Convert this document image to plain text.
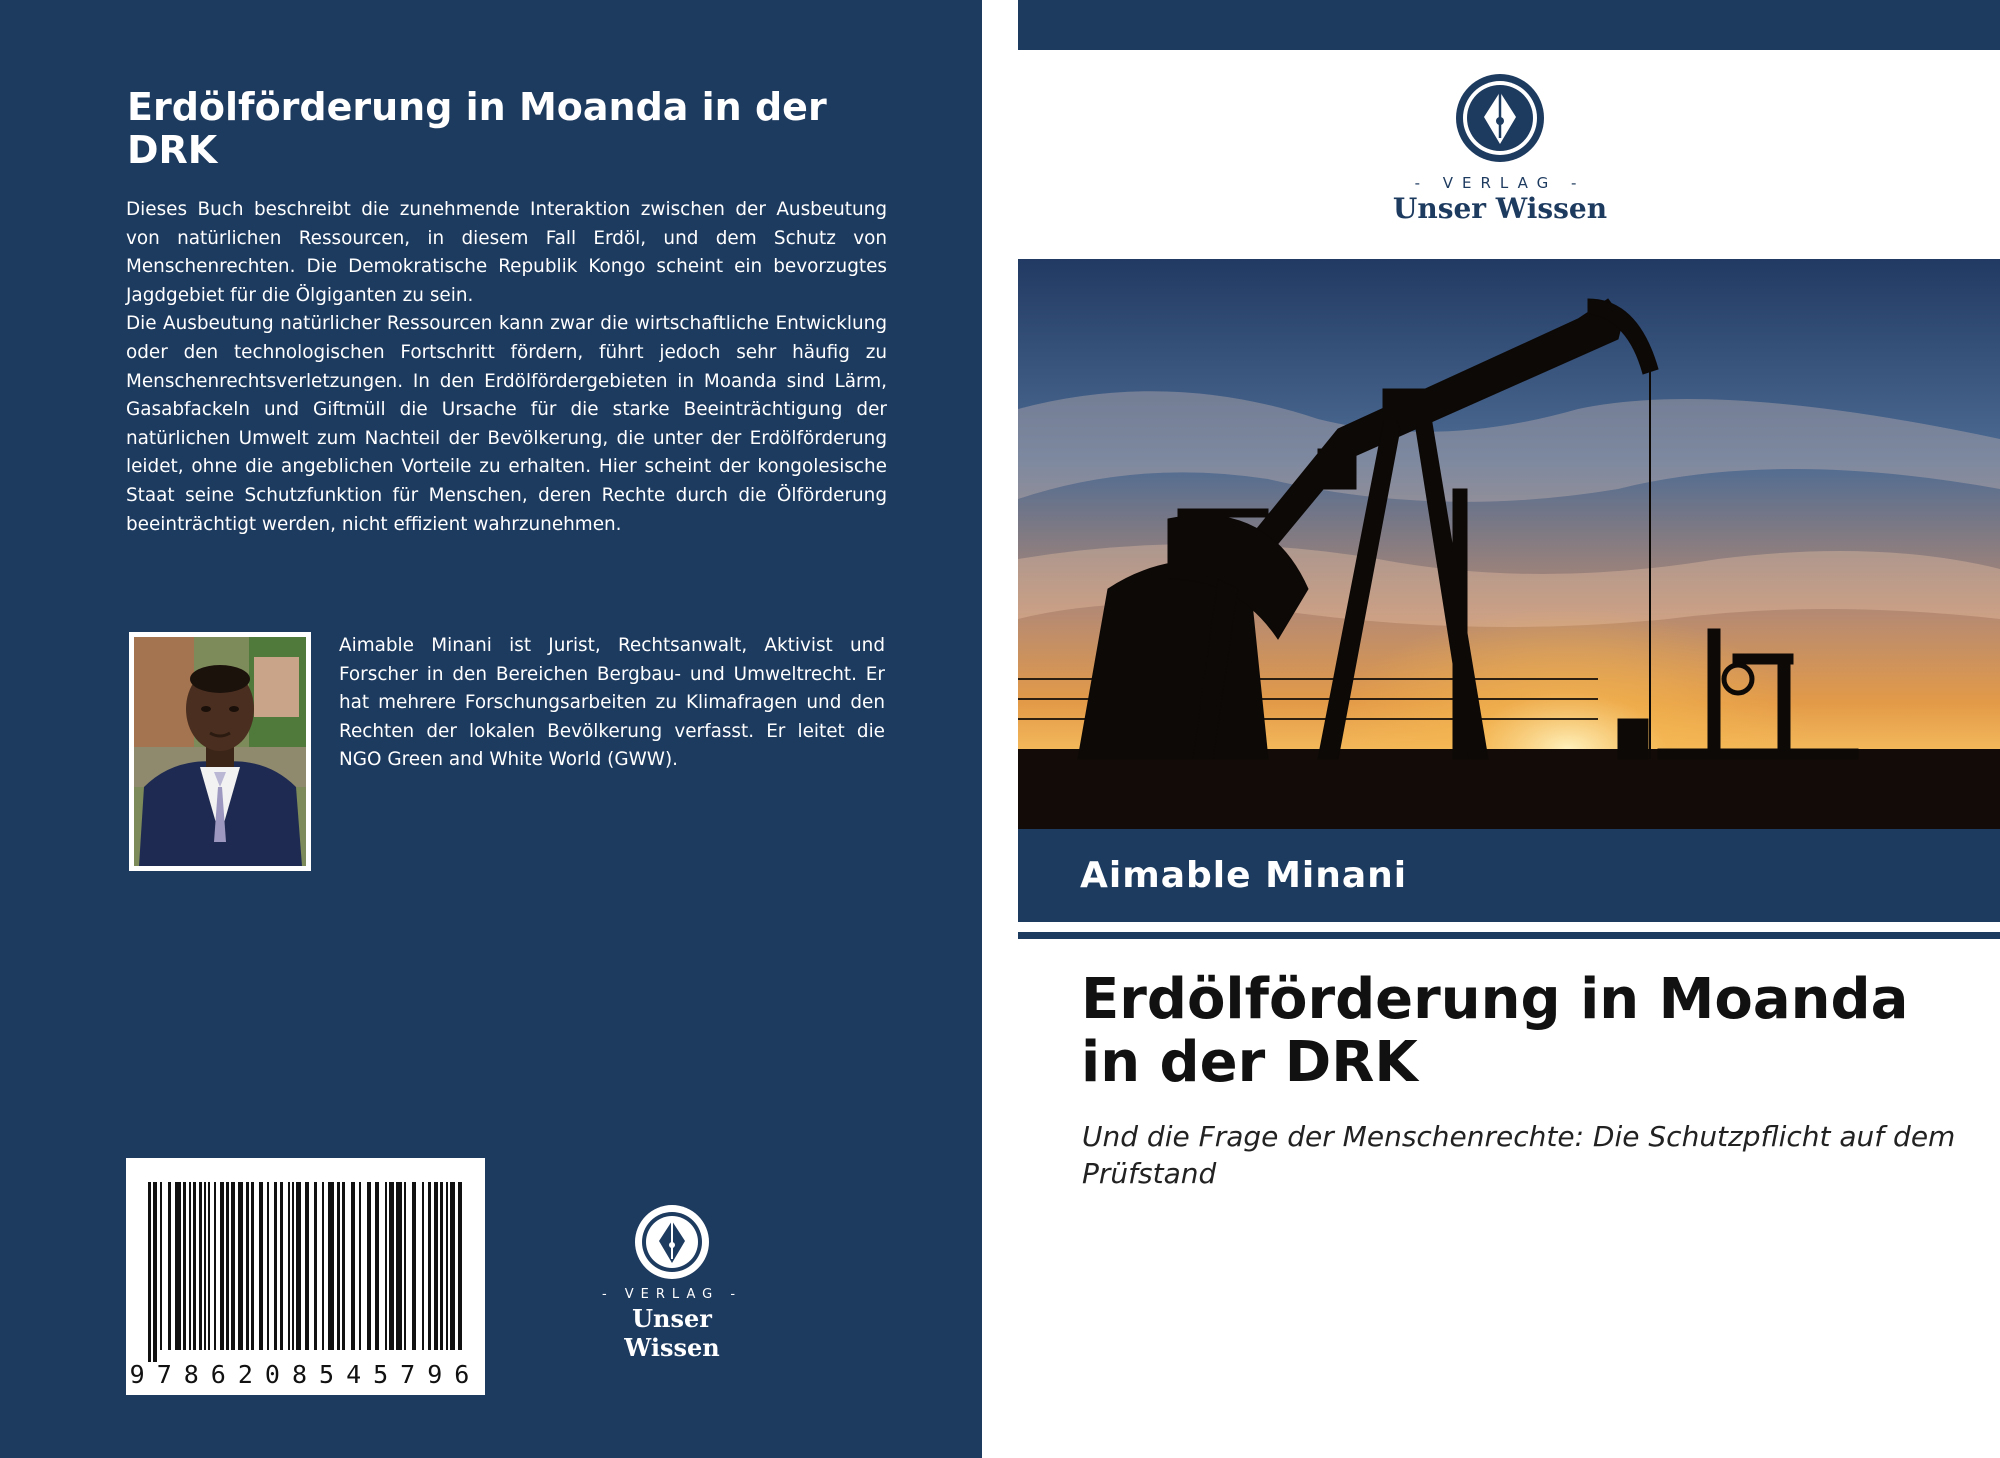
Erdölförderung in Moanda in der DRK

Dieses Buch beschreibt die zunehmende Interaktion zwischen der Ausbeutung von natürlichen Ressourcen, in diesem Fall Erdöl, und dem Schutz von Menschenrechten. Die Demokratische Republik Kongo scheint ein bevorzugtes Jagdgebiet für die Ölgiganten zu sein.

Die Ausbeutung natürlicher Ressourcen kann zwar die wirtschaftliche Entwicklung oder den technologischen Fortschritt fördern, führt jedoch sehr häufig zu Menschenrechtsverletzungen. In den Erdölfördergebieten in Moanda sind Lärm, Gasabfackeln und Giftmüll die Ursache für die starke Beeinträchtigung der natürlichen Umwelt zum Nachteil der Bevölkerung, die unter der Erdölförderung leidet, ohne die angeblichen Vorteile zu erhalten. Hier scheint der kongolesische Staat seine Schutzfunktion für Menschen, deren Rechte durch die Ölförderung beeinträchtigt werden, nicht effizient wahrzunehmen.

Aimable Minani ist Jurist, Rechtsanwalt, Aktivist und Forscher in den Bereichen Bergbau- und Umweltrecht. Er hat mehrere Forschungsarbeiten zu Klimafragen und den Rechten der lokalen Bevölkerung verfasst. Er leitet die NGO Green and White World (GWW).

9786208545796
- VERLAG -
Unser Wissen
- VERLAG -
Unser Wissen
Aimable Minani
Erdölförderung in Moanda in der DRK

Und die Frage der Menschenrechte: Die Schutzpflicht auf dem Prüfstand
